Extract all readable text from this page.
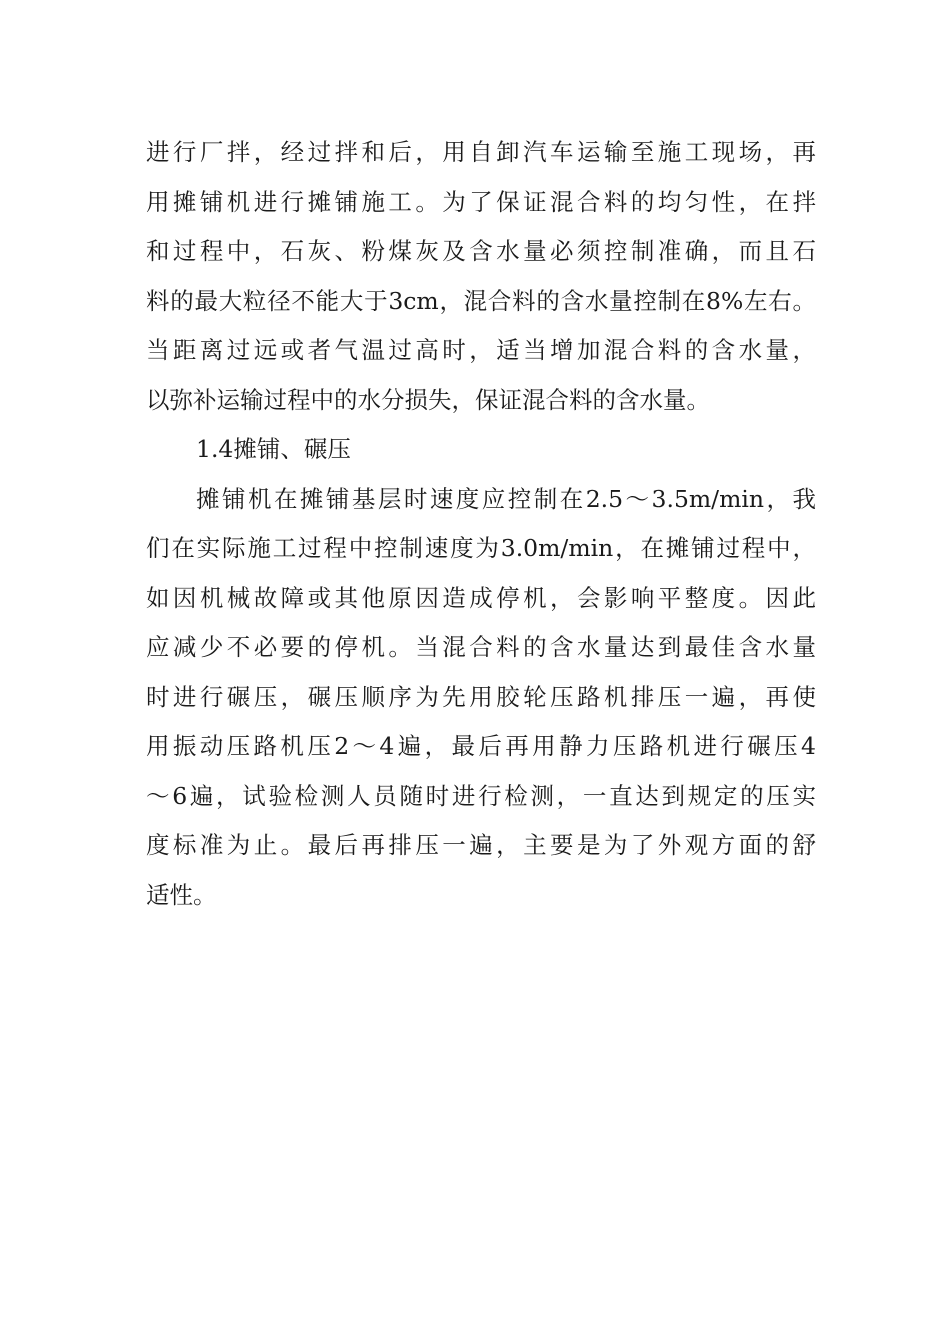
进行厂拌，经过拌和后，用自卸汽车运输至施工现场，再
用摊铺机进行摊铺施工。为了保证混合料的均匀性，在拌
和过程中，石灰、粉煤灰及含水量必须控制准确，而且石
料的最大粒径不能大于3cm，混合料的含水量控制在8%左右。
当距离过远或者气温过高时，适当增加混合料的含水量，
以弥补运输过程中的水分损失，保证混合料的含水量。
1.4摊铺、碾压
摊铺机在摊铺基层时速度应控制在2.5～3.5m/min，我
们在实际施工过程中控制速度为3.0m/min，在摊铺过程中，
如因机械故障或其他原因造成停机，会影响平整度。因此
应减少不必要的停机。当混合料的含水量达到最佳含水量
时进行碾压，碾压顺序为先用胶轮压路机排压一遍，再使
用振动压路机压2～4遍，最后再用静力压路机进行碾压4
～6遍，试验检测人员随时进行检测，一直达到规定的压实
度标准为止。最后再排压一遍，主要是为了外观方面的舒
适性。
